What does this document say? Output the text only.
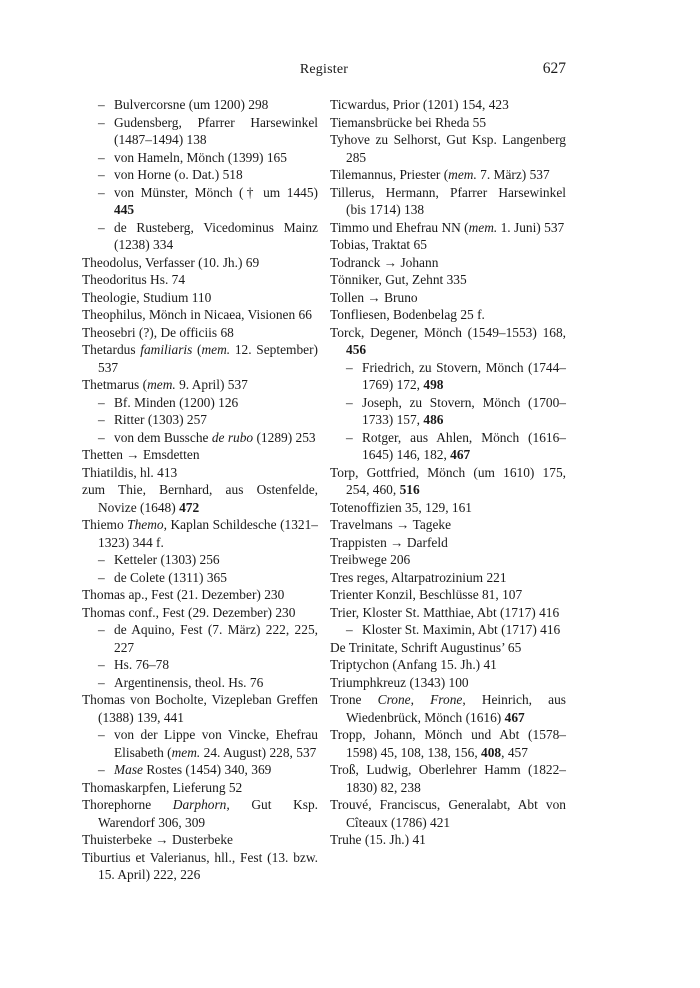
Register	627
– Bulvercorsne (um 1200) 298
– Gudensberg, Pfarrer Harsewinkel (1487–1494) 138
– von Hameln, Mönch (1399) 165
– von Horne (o. Dat.) 518
– von Münster, Mönch († um 1445) 445
– de Rusteberg, Vicedominus Mainz (1238) 334
Theodolus, Verfasser (10. Jh.) 69
Theodoritus Hs. 74
Theologie, Studium 110
Theophilus, Mönch in Nicaea, Visionen 66
Theosebri (?), De officiis 68
Thetardus familiaris (mem. 12. September) 537
Thetmarus (mem. 9. April) 537
– Bf. Minden (1200) 126
– Ritter (1303) 257
– von dem Bussche de rubo (1289) 253
Thetten → Emsdetten
Thiatildis, hl. 413
zum Thie, Bernhard, aus Ostenfelde, Novize (1648) 472
Thiemo Themo, Kaplan Schildesche (1321–1323) 344 f.
– Ketteler (1303) 256
– de Colete (1311) 365
Thomas ap., Fest (21. Dezember) 230
Thomas conf., Fest (29. Dezember) 230
– de Aquino, Fest (7. März) 222, 225, 227
– Hs. 76–78
– Argentinensis, theol. Hs. 76
Thomas von Bocholte, Vizepleban Greffen (1388) 139, 441
– von der Lippe von Vincke, Ehefrau Elisabeth (mem. 24. August) 228, 537
– Mase Rostes (1454) 340, 369
Thomaskarpfen, Lieferung 52
Thorephorne Darphorn, Gut Ksp. Warendorf 306, 309
Thuisterbeke → Dusterbeke
Tiburtius et Valerianus, hll., Fest (13. bzw. 15. April) 222, 226
Ticwardus, Prior (1201) 154, 423
Tiemansbrücke bei Rheda 55
Tyhove zu Selhorst, Gut Ksp. Langenberg 285
Tilemannus, Priester (mem. 7. März) 537
Tillerus, Hermann, Pfarrer Harsewinkel (bis 1714) 138
Timmo und Ehefrau NN (mem. 1. Juni) 537
Tobias, Traktat 65
Todranck → Johann
Tönniker, Gut, Zehnt 335
Tollen → Bruno
Tonfliesen, Bodenbelag 25 f.
Torck, Degener, Mönch (1549–1553) 168, 456
– Friedrich, zu Stovern, Mönch (1744–1769) 172, 498
– Joseph, zu Stovern, Mönch (1700–1733) 157, 486
– Rotger, aus Ahlen, Mönch (1616–1645) 146, 182, 467
Torp, Gottfried, Mönch (um 1610) 175, 254, 460, 516
Totenoffizien 35, 129, 161
Travelmans → Tageke
Trappisten → Darfeld
Treibwege 206
Tres reges, Altarpatrozinium 221
Trienter Konzil, Beschlüsse 81, 107
Trier, Kloster St. Matthiae, Abt (1717) 416
– Kloster St. Maximin, Abt (1717) 416
De Trinitate, Schrift Augustinus’ 65
Triptychon (Anfang 15. Jh.) 41
Triumphkreuz (1343) 100
Trone Crone, Frone, Heinrich, aus Wiedenbrück, Mönch (1616) 467
Tropp, Johann, Mönch und Abt (1578–1598) 45, 108, 138, 156, 408, 457
Troß, Ludwig, Oberlehrer Hamm (1822–1830) 82, 238
Trouvé, Franciscus, Generalabt, Abt von Cîteaux (1786) 421
Truhe (15. Jh.) 41
